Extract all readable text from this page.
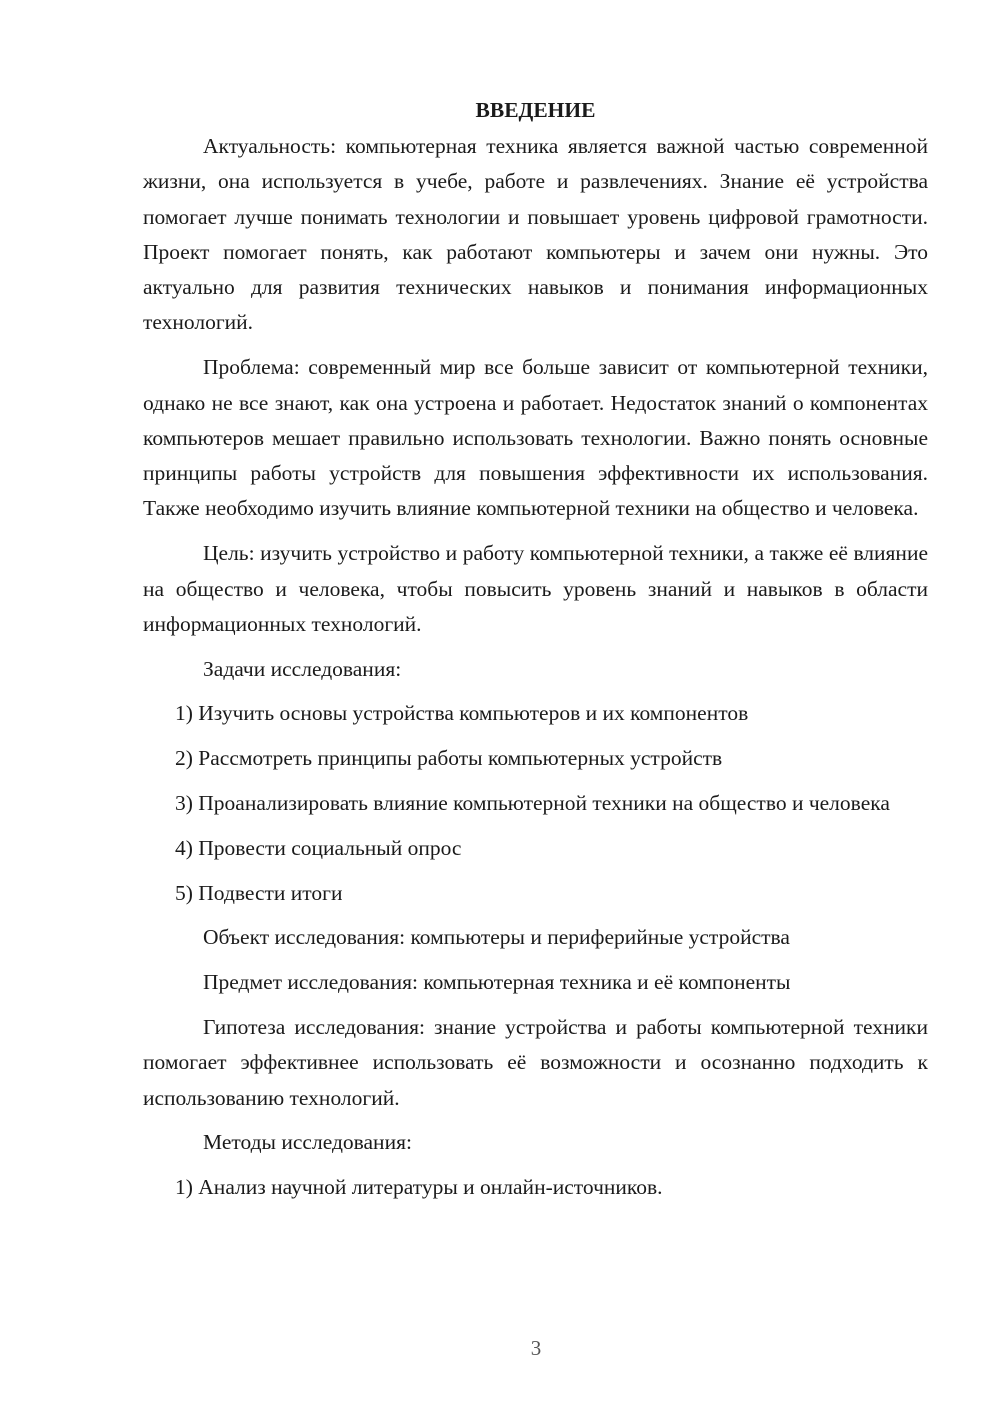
ВВЕДЕНИЕ

Актуальность: компьютерная техника является важной частью современной жизни, она используется в учебе, работе и развлечениях. Знание её устройства помогает лучше понимать технологии и повышает уровень цифровой грамотности. Проект помогает понять, как работают компьютеры и зачем они нужны. Это актуально для развития технических навыков и понимания информационных технологий.

Проблема: современный мир все больше зависит от компьютерной техники, однако не все знают, как она устроена и работает. Недостаток знаний о компонентах компьютеров мешает правильно использовать технологии. Важно понять основные принципы работы устройств для повышения эффективности их использования. Также необходимо изучить влияние компьютерной техники на общество и человека.

Цель: изучить устройство и работу компьютерной техники, а также её влияние на общество и человека, чтобы повысить уровень знаний и навыков в области информационных технологий.

Задачи исследования:

1) Изучить основы устройства компьютеров и их компонентов

2) Рассмотреть принципы работы компьютерных устройств

3) Проанализировать влияние компьютерной техники на общество и человека

4) Провести социальный опрос

5) Подвести итоги

Объект исследования: компьютеры и периферийные устройства

Предмет исследования: компьютерная техника и её компоненты

Гипотеза исследования: знание устройства и работы компьютерной техники помогает эффективнее использовать её возможности и осознанно подходить к использованию технологий.

Методы исследования:

1) Анализ научной литературы и онлайн-источников.

3
